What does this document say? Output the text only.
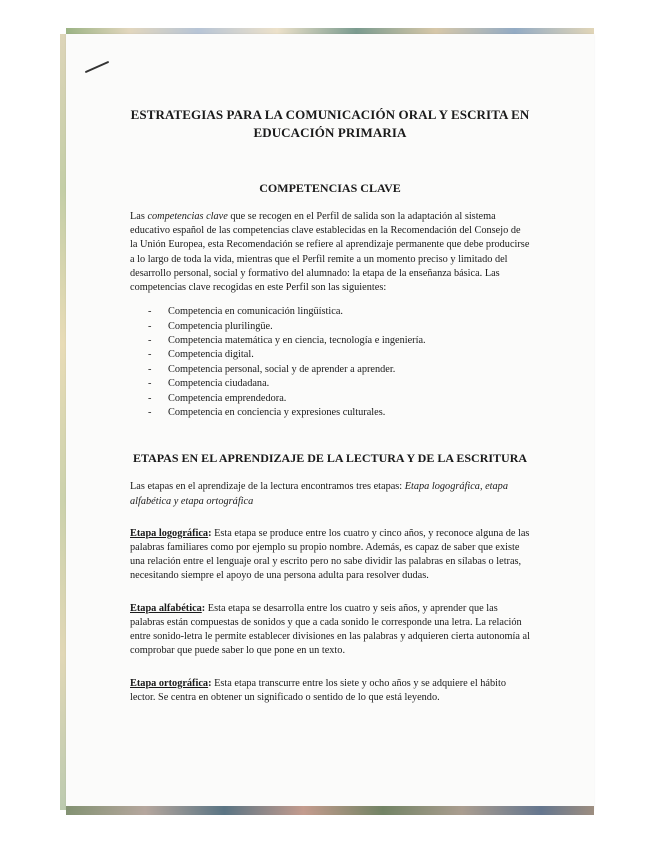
ESTRATEGIAS PARA LA COMUNICACIÓN ORAL Y ESCRITA EN
EDUCACIÓN PRIMARIA
COMPETENCIAS CLAVE

Las competencias clave que se recogen en el Perfil de salida son la adaptación al sistema educativo español de las competencias clave establecidas en la Recomendación del Consejo de la Unión Europea, esta Recomendación se refiere al aprendizaje permanente que debe producirse a lo largo de toda la vida, mientras que el Perfil remite a un momento preciso y limitado del desarrollo personal, social y formativo del alumnado: la etapa de la enseñanza básica. Las competencias clave recogidas en este Perfil son las siguientes:

- Competencia en comunicación lingüística.
- Competencia plurilingüe.
- Competencia matemática y en ciencia, tecnología e ingeniería.
- Competencia digital.
- Competencia personal, social y de aprender a aprender.
- Competencia ciudadana.
- Competencia emprendedora.
- Competencia en conciencia y expresiones culturales.
ETAPAS EN EL APRENDIZAJE DE LA LECTURA Y DE LA ESCRITURA

Las etapas en el aprendizaje de la lectura encontramos tres etapas: Etapa logográfica, etapa alfabética y etapa ortográfica

Etapa logográfica: Esta etapa se produce entre los cuatro y cinco años, y reconoce alguna de las palabras familiares como por ejemplo su propio nombre. Además, es capaz de saber que existe una relación entre el lenguaje oral y escrito pero no sabe dividir las palabras en sílabas o letras, necesitando siempre el apoyo de una persona adulta para resolver dudas.

Etapa alfabética: Esta etapa se desarrolla entre los cuatro y seis años, y aprender que las palabras están compuestas de sonidos y que a cada sonido le corresponde una letra. La relación entre sonido-letra le permite establecer divisiones en las palabras y adquieren cierta autonomía al comprobar que puede saber lo que pone en un texto.

Etapa ortográfica: Esta etapa transcurre entre los siete y ocho años y se adquiere el hábito lector. Se centra en obtener un significado o sentido de lo que está leyendo.
